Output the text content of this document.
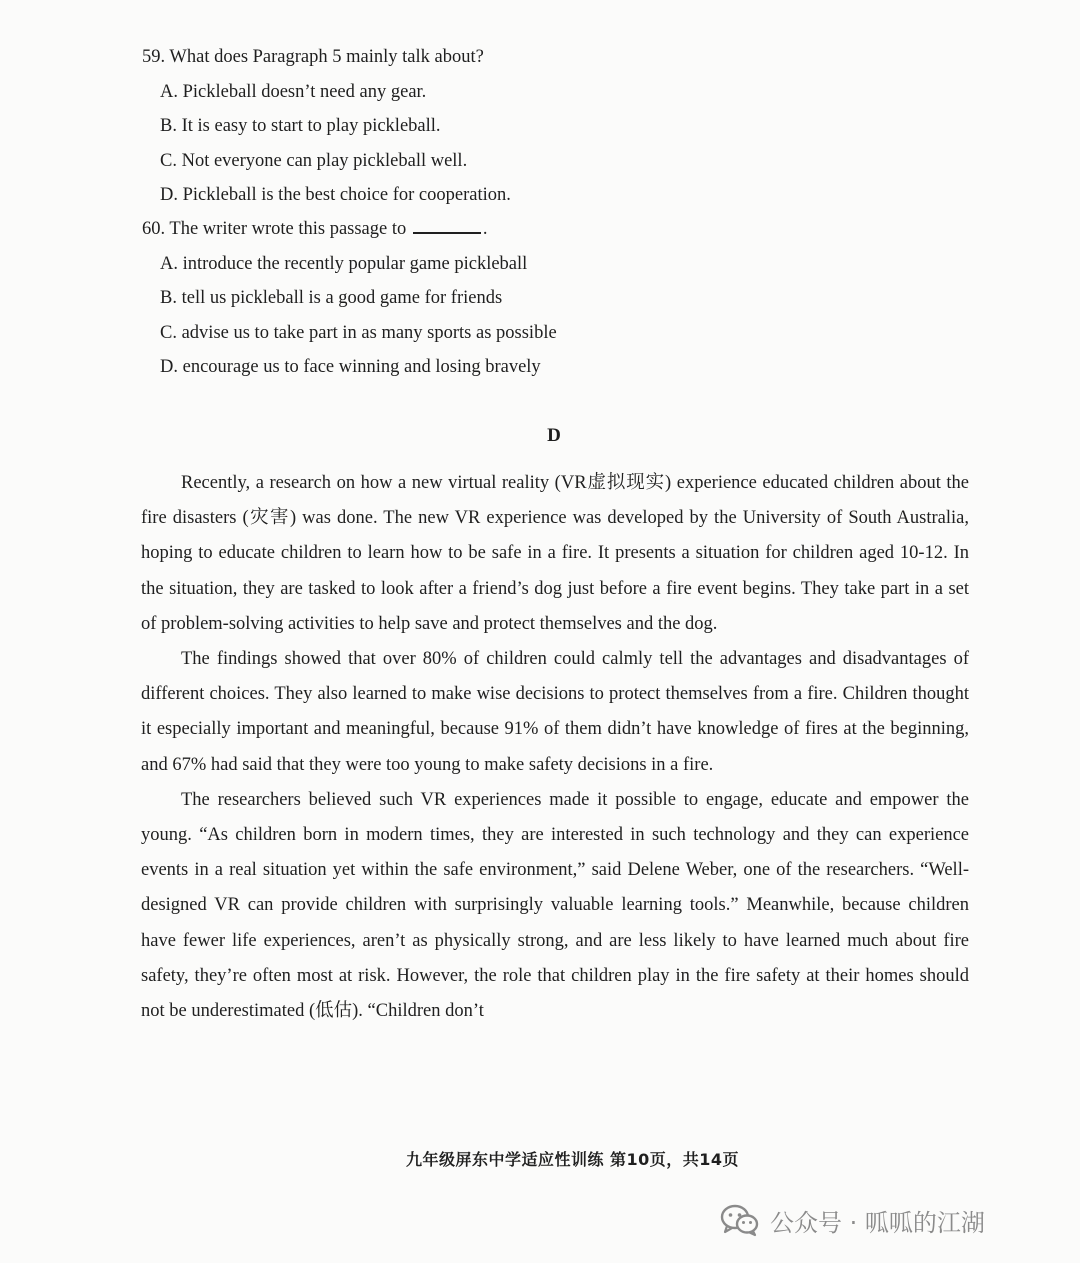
59. What does Paragraph 5 mainly talk about?
A. Pickleball doesn’t need any gear.
B. It is easy to start to play pickleball.
C. Not everyone can play pickleball well.
D. Pickleball is the best choice for cooperation.
60. The writer wrote this passage to	.
A. introduce the recently popular game pickleball
B. tell us pickleball is a good game for friends
C. advise us to take part in as many sports as possible
D. encourage us to face winning and losing bravely
D

Recently, a research on how a new virtual reality (VR虚拟现实) experience educated children about the fire disasters (灾害) was done. The new VR experience was developed by the University of South Australia, hoping to educate children to learn how to be safe in a fire. It presents a situation for children aged 10-12. In the situation, they are tasked to look after a friend’s dog just before a fire event begins. They take part in a set of problem-solving activities to help save and protect themselves and the dog.

The findings showed that over 80% of children could calmly tell the advantages and disadvantages of different choices. They also learned to make wise decisions to protect themselves from a fire. Children thought it especially important and meaningful, because 91% of them didn’t have knowledge of fires at the beginning, and 67% had said that they were too young to make safety decisions in a fire.

The researchers believed such VR experiences made it possible to engage, educate and empower the young. “As children born in modern times, they are interested in such technology and they can experience events in a real situation yet within the safe environment,” said Delene Weber, one of the researchers. “Well-designed VR can provide children with surprisingly valuable learning tools.” Meanwhile, because children have fewer life experiences, aren’t as physically strong, and are less likely to have learned much about fire safety, they’re often most at risk. However, the role that children play in the fire safety at their homes should not be underestimated (低估). “Children don’t

九年级屏东中学适应性训练 第10页，共14页
公众号 · 呱呱的江湖
